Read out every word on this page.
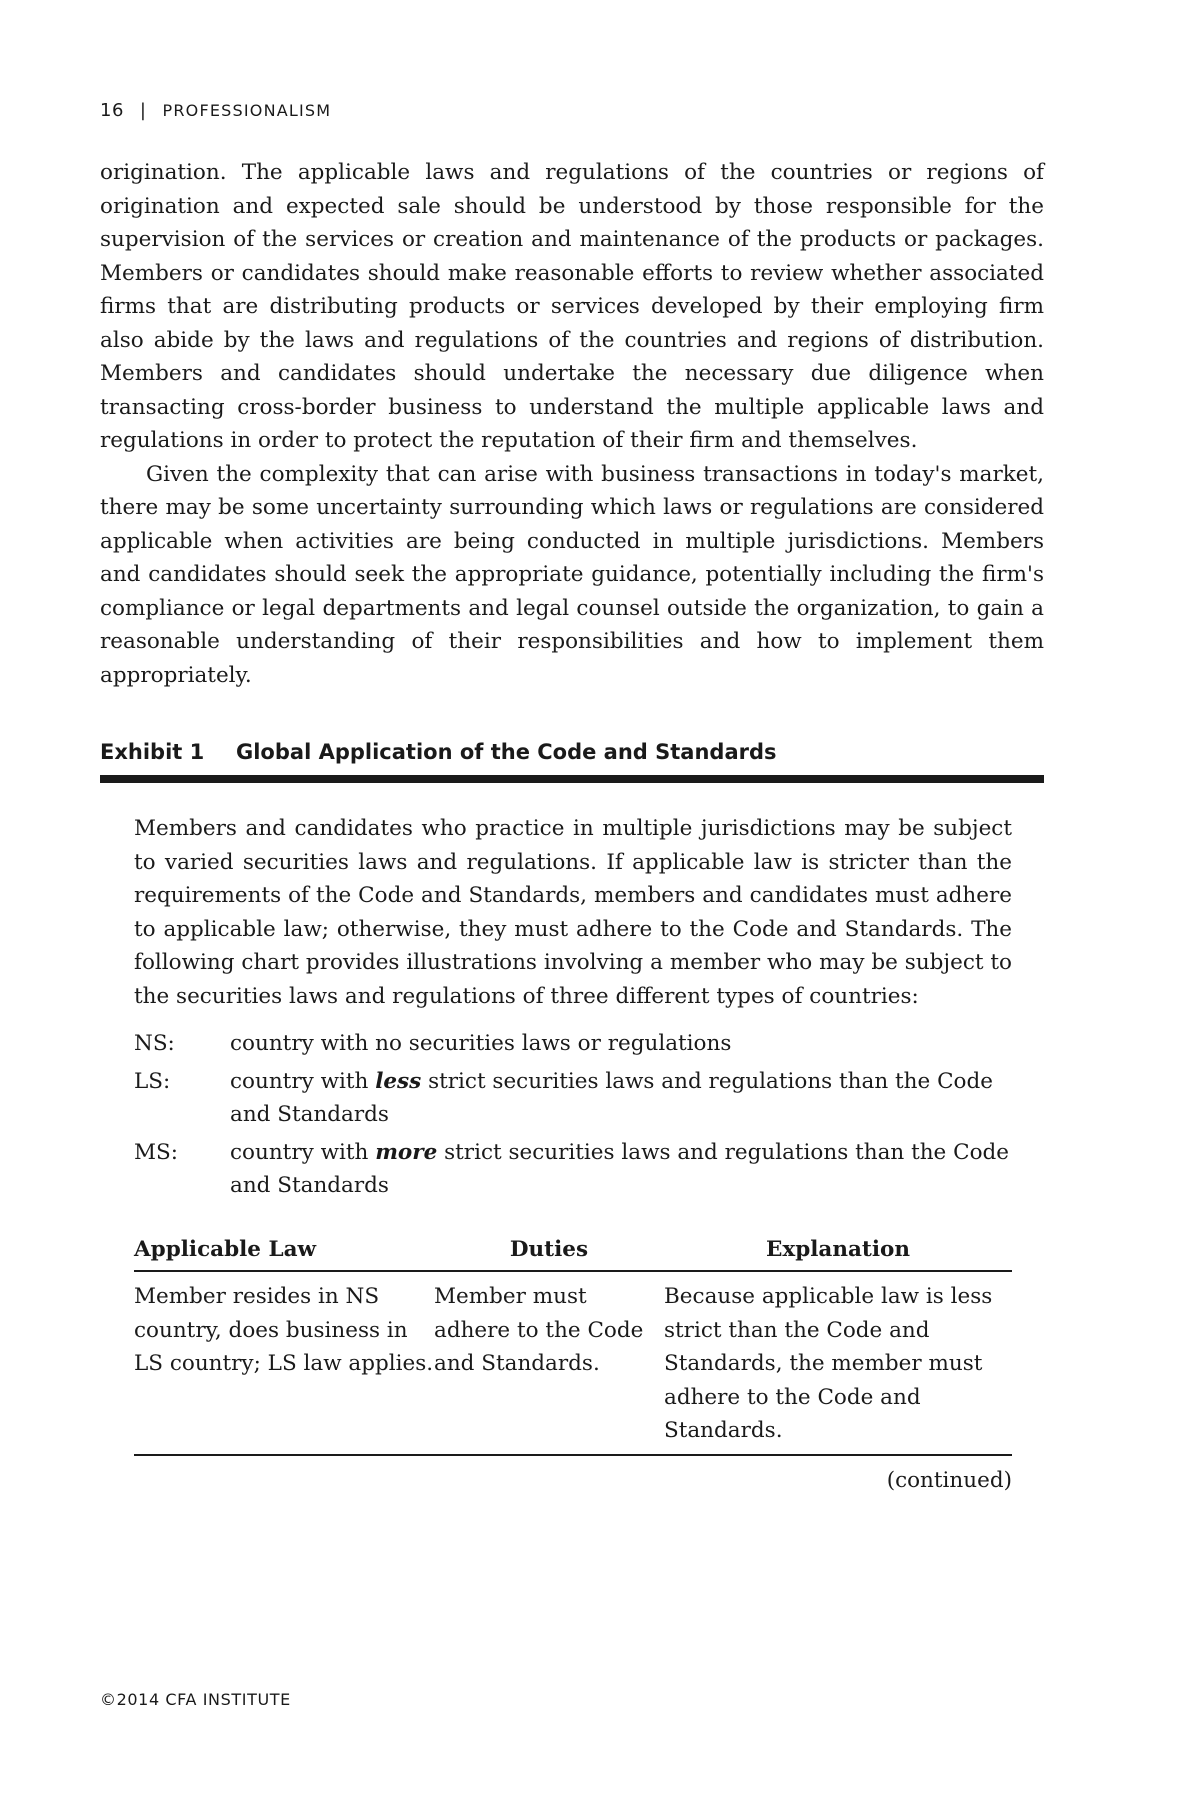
16 | PROFESSIONALISM

origination. The applicable laws and regulations of the countries or regions of origination and expected sale should be understood by those responsible for the supervision of the services or creation and maintenance of the products or packages. Members or candidates should make reasonable efforts to review whether associated firms that are distributing products or services developed by their employing firm also abide by the laws and regulations of the countries and regions of distribution. Members and candidates should undertake the necessary due diligence when transacting cross-border business to understand the multiple applicable laws and regulations in order to protect the reputation of their firm and themselves.

Given the complexity that can arise with business transactions in today's market, there may be some uncertainty surrounding which laws or regulations are considered applicable when activities are being conducted in multiple jurisdictions. Members and candidates should seek the appropriate guidance, potentially including the firm's compliance or legal departments and legal counsel outside the organization, to gain a reasonable understanding of their responsibilities and how to implement them appropriately.

Exhibit 1	Global Application of the Code and Standards

Members and candidates who practice in multiple jurisdictions may be subject to varied securities laws and regulations. If applicable law is stricter than the requirements of the Code and Standards, members and candidates must adhere to applicable law; otherwise, they must adhere to the Code and Standards. The following chart provides illustrations involving a member who may be subject to the securities laws and regulations of three different types of countries:

NS:	country with no securities laws or regulations
LS:	country with less strict securities laws and regulations than the Code and Standards
MS:	country with more strict securities laws and regulations than the Code and Standards
Applicable Law	Duties	Explanation
Member resides in NS country, does business in LS country; LS law applies.	Member must adhere to the Code and Standards.	Because applicable law is less strict than the Code and Standards, the member must adhere to the Code and Standards.
(continued)
©2014 CFA INSTITUTE
